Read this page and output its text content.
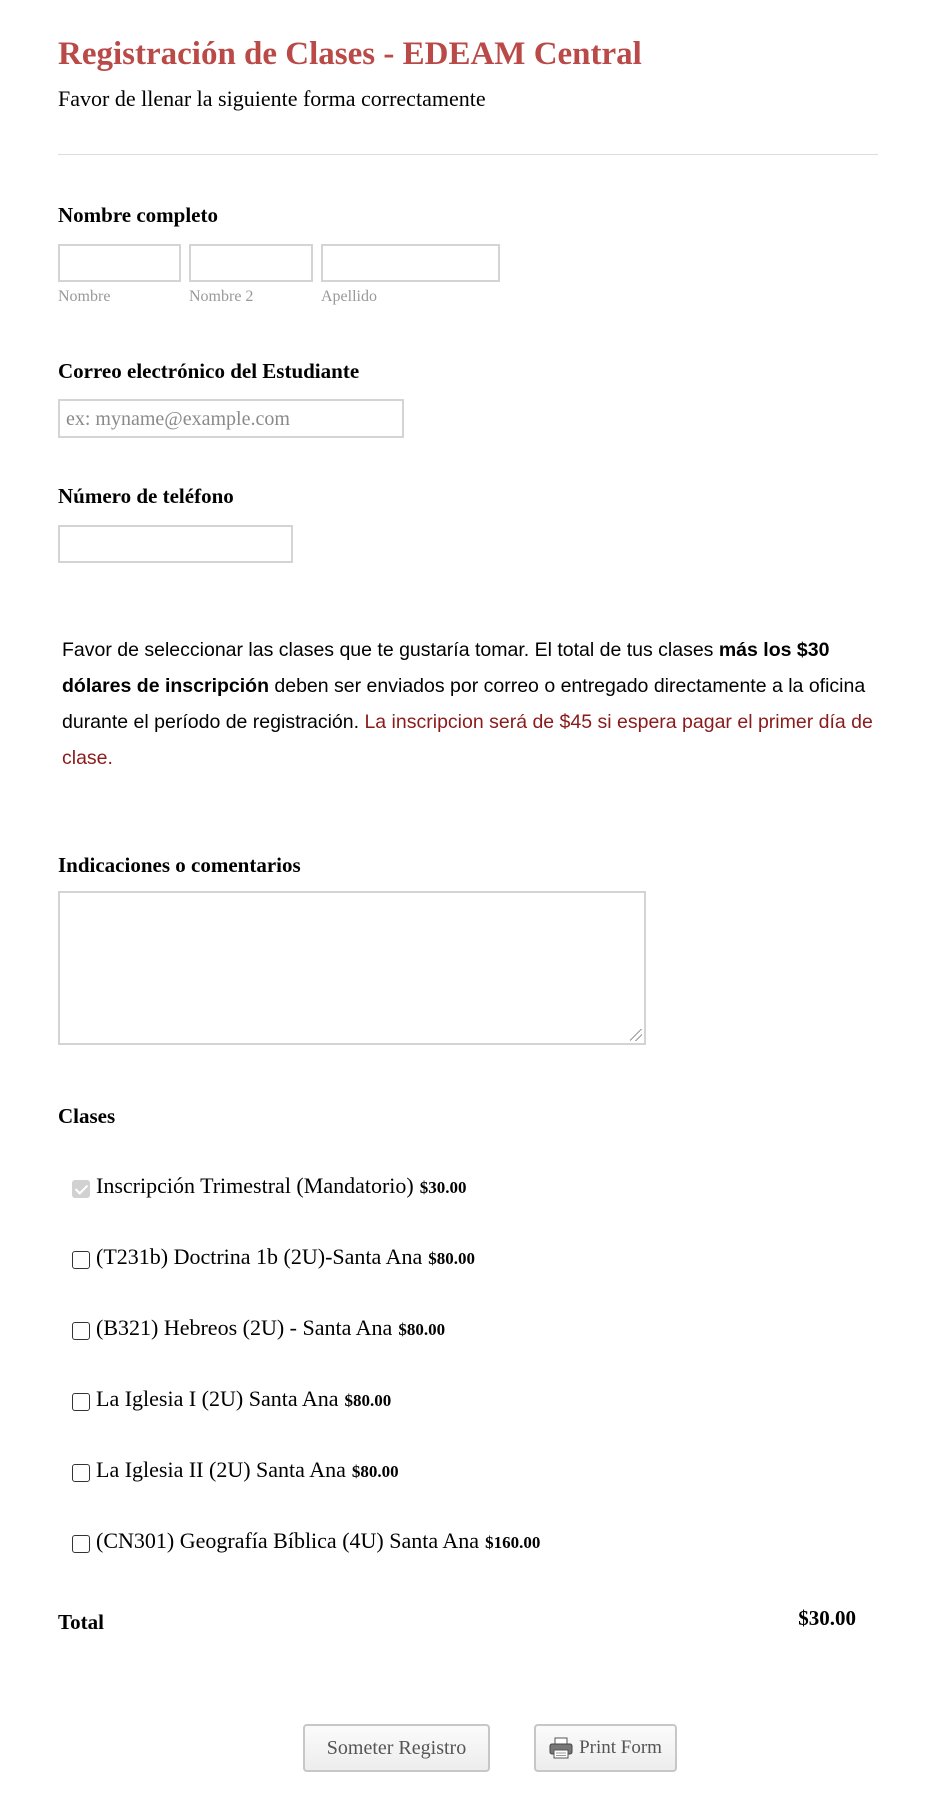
Registración de Clases - EDEAM Central
Favor de llenar la siguiente forma correctamente
Nombre completo
Nombre	Nombre 2	Apellido
Correo electrónico del Estudiante
ex: myname@example.com
Número de teléfono
Favor de seleccionar las clases que te gustaría tomar. El total de tus clases más los $30 dólares de inscripción deben ser enviados por correo o entregado directamente a la oficina durante el período de registración. La inscripcion será de $45 si espera pagar el primer día de clase.
Indicaciones o comentarios
Clases
Inscripción Trimestral (Mandatorio) $30.00
(T231b) Doctrina 1b (2U)-Santa Ana $80.00
(B321) Hebreos (2U) - Santa Ana $80.00
La Iglesia I (2U) Santa Ana $80.00
La Iglesia II (2U) Santa Ana $80.00
(CN301) Geografía Bíblica (4U) Santa Ana $160.00
Total	$30.00
Someter Registro	Print Form
